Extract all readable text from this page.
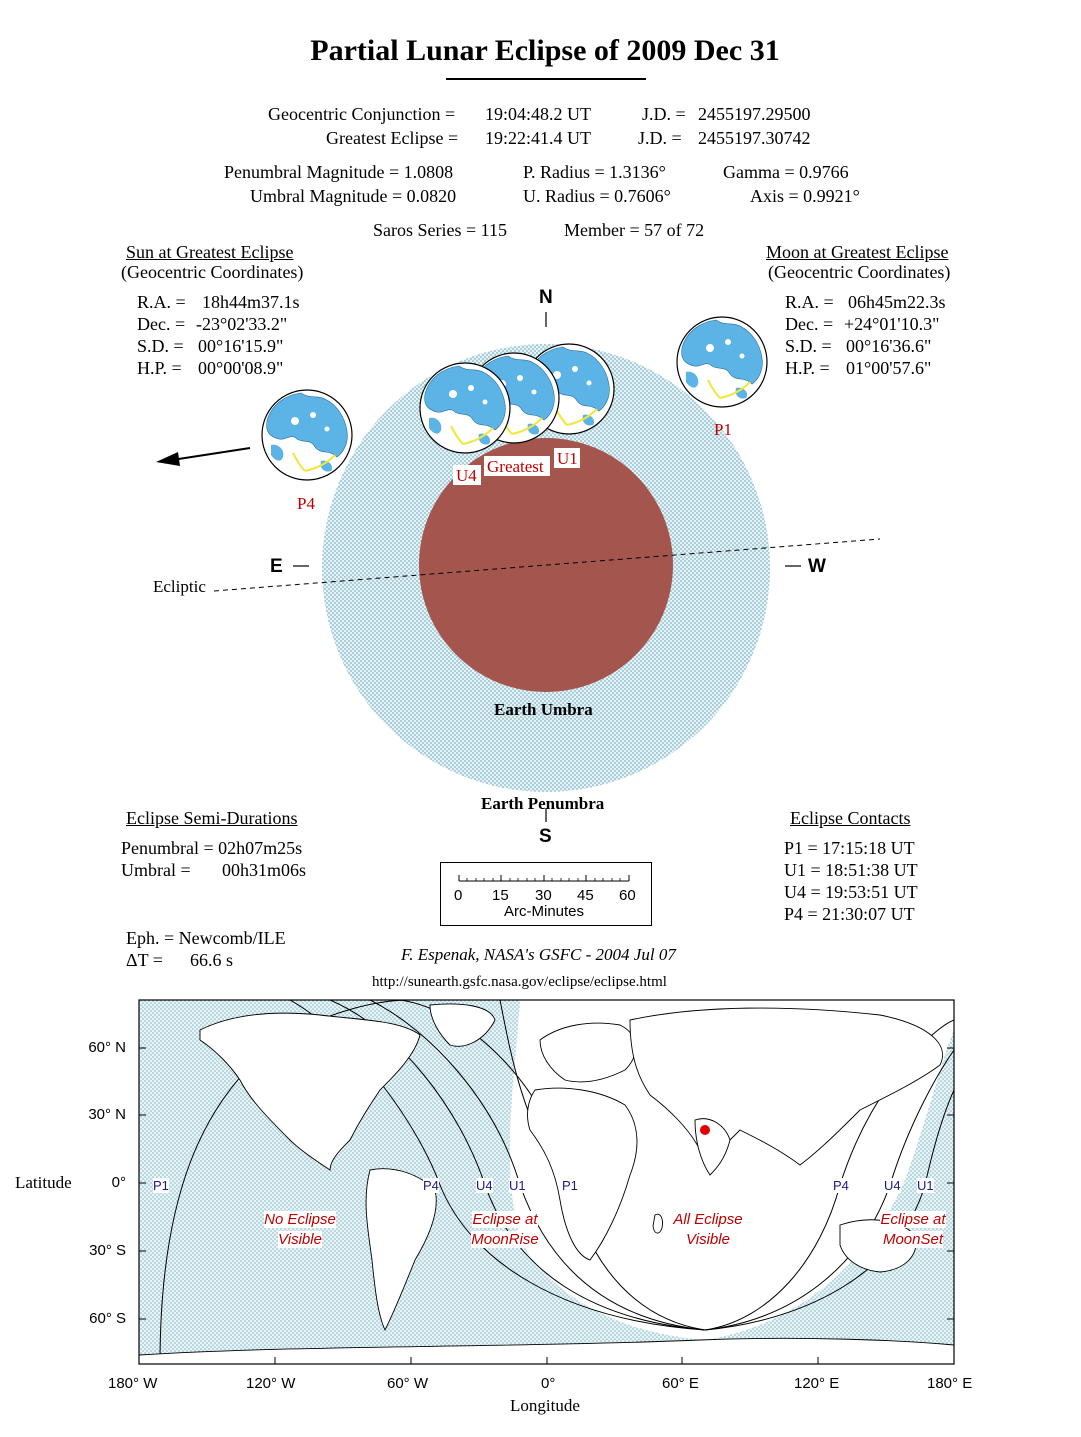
Partial Lunar Eclipse of 2009 Dec 31
Geocentric Conjunction = 19:04:48.2 UT	J.D. = 2455197.29500
Greatest Eclipse = 19:22:41.4 UT	J.D. = 2455197.30742
Penumbral Magnitude = 1.0808
Umbral Magnitude = 0.0820
P. Radius = 1.3136°
U. Radius = 0.7606°
Gamma = 0.9766
Axis = 0.9921°
Saros Series = 115	Member = 57 of 72
Sun at Greatest Eclipse
(Geocentric Coordinates)
R.A. = 18h44m37.1s
Dec. = -23°02'33.2"
S.D. = 00°16'15.9"
H.P. = 00°00'08.9"
Moon at Greatest Eclipse
(Geocentric Coordinates)
R.A. = 06h45m22.3s
Dec. = +24°01'10.3"
S.D. = 00°16'36.6"
H.P. = 01°00'57.6"
N
S
E	W
Ecliptic
Earth Umbra
Earth Penumbra
P1
P4
U1
U4 Greatest
Eclipse Semi-Durations
Penumbral = 02h07m25s
Umbral = 00h31m06s
Eclipse Contacts
P1 = 17:15:18 UT
U1 = 18:51:38 UT
U4 = 19:53:51 UT
P4 = 21:30:07 UT
0 15 30 45 60
Arc-Minutes
Eph. = Newcomb/ILE
ΔT = 66.6 s	F. Espenak, NASA's GSFC - 2004 Jul 07
http://sunearth.gsfc.nasa.gov/eclipse/eclipse.html
60° N
30° N
0°
30° S
60° S
180° W	120° W	60° W	0°	60° E	120° E	180° E
Latitude
Longitude
P1	P4	U4 U1	P1	P4	U4 U1
No Eclipse
Visible
Eclipse at
MoonRise
All Eclipse
Visible
Eclipse at
MoonSet
